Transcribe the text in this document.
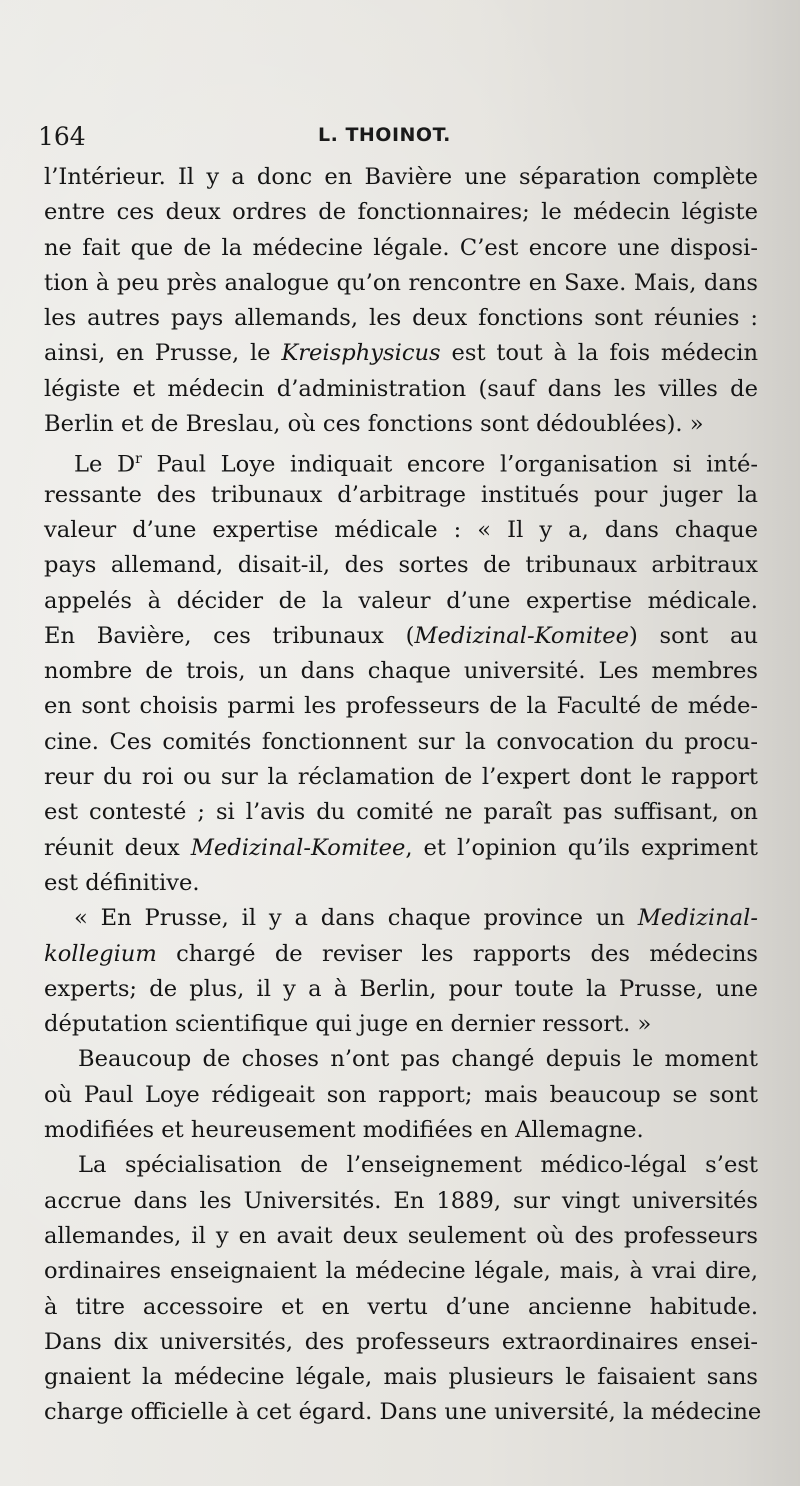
164	L. THOINOT.
l’Intérieur. Il y a donc en Bavière une séparation complète
entre ces deux ordres de fonctionnaires; le médecin légiste
ne fait que de la médecine légale. C’est encore une disposi-
tion à peu près analogue qu’on rencontre en Saxe. Mais, dans
les autres pays allemands, les deux fonctions sont réunies :
ainsi, en Prusse, le Kreisphysicus est tout à la fois médecin
légiste et médecin d’administration (sauf dans les villes de
Berlin et de Breslau, où ces fonctions sont dédoublées). »
Le $D^r$ Paul Loye indiquait encore l’organisation si inté-
ressante des tribunaux d’arbitrage institués pour juger la
valeur d’une expertise médicale : « Il y a, dans chaque
pays allemand, disait-il, des sortes de tribunaux arbitraux
appelés à décider de la valeur d’une expertise médicale.
En Bavière, ces tribunaux (Medizinal-Komitee) sont au
nombre de trois, un dans chaque université. Les membres
en sont choisis parmi les professeurs de la Faculté de méde-
cine. Ces comités fonctionnent sur la convocation du procu-
reur du roi ou sur la réclamation de l’expert dont le rapport
est contesté ; si l’avis du comité ne paraît pas suffisant, on
réunit deux Medizinal-Komitee, et l’opinion qu’ils expriment
est définitive.
« En Prusse, il y a dans chaque province un Medizinal-
kollegium chargé de reviser les rapports des médecins
experts; de plus, il y a à Berlin, pour toute la Prusse, une
députation scientifique qui juge en dernier ressort. »
Beaucoup de choses n’ont pas changé depuis le moment
où Paul Loye rédigeait son rapport; mais beaucoup se sont
modifiées et heureusement modifiées en Allemagne.
La spécialisation de l’enseignement médico-légal s’est
accrue dans les Universités. En 1889, sur vingt universités
allemandes, il y en avait deux seulement où des professeurs
ordinaires enseignaient la médecine légale, mais, à vrai dire,
à titre accessoire et en vertu d’une ancienne habitude.
Dans dix universités, des professeurs extraordinaires ensei-
gnaient la médecine légale, mais plusieurs le faisaient sans
charge officielle à cet égard. Dans une université, la médecine
